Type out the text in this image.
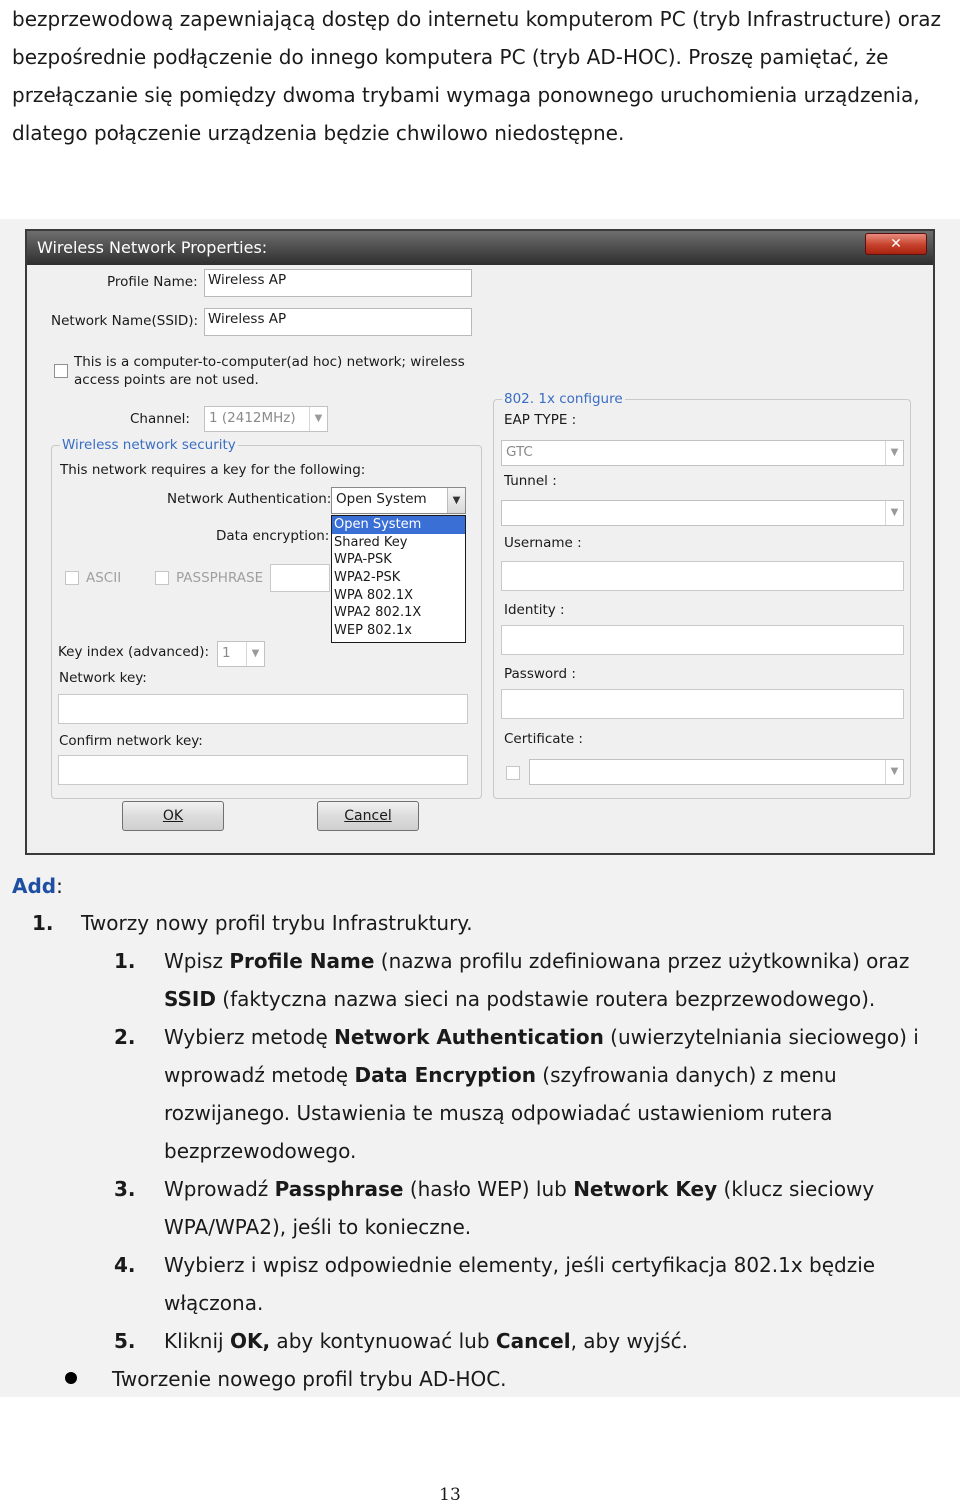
bezprzewodową zapewniającą dostęp do internetu komputerom PC (tryb Infrastructure) oraz bezpośrednie podłączenie do innego komputera PC (tryb AD-HOC). Proszę pamiętać, że przełączanie się pomiędzy dwoma trybami wymaga ponownego uruchomienia urządzenia, dlatego połączenie urządzenia będzie chwilowo niedostępne.

Wireless Network Properties:	✕
Profile Name: Wireless AP
Network Name(SSID): Wireless AP
This is a computer-to-computer(ad hoc) network; wireless
access points are not used.
Channel:	1 (2412MHz)	▼
Wireless network security
This network requires a key for the following:
Network Authentication: Open System	▼
Data encryption:
Open System
Shared Key
WPA-PSK
WPA2-PSK
WPA 802.1X
WPA2 802.1X
WEP 802.1x
ASCII	PASSPHRASE
Key index (advanced): 1	▼
Network key:
Confirm network key:
802. 1x configure
EAP TYPE :
GTC	▼
Tunnel :
▼
Username :
Identity :
Password :
Certificate :
▼
OK	Cancel
Add:
1. Tworzy nowy profil trybu Infrastruktury.
1. Wpisz Profile Name (nazwa profilu zdefiniowana przez użytkownika) oraz SSID (faktyczna nazwa sieci na podstawie routera bezprzewodowego).
2. Wybierz metodę Network Authentication (uwierzytelniania sieciowego) i wprowadź metodę Data Encryption (szyfrowania danych) z menu rozwijanego. Ustawienia te muszą odpowiadać ustawieniom rutera bezprzewodowego.
3. Wprowadź Passphrase (hasło WEP) lub Network Key (klucz sieciowy WPA/WPA2), jeśli to konieczne.
4. Wybierz i wpisz odpowiednie elementy, jeśli certyfikacja 802.1x będzie włączona.
5. Kliknij OK, aby kontynuować lub Cancel, aby wyjść.
Tworzenie nowego profil trybu AD-HOC.
13
